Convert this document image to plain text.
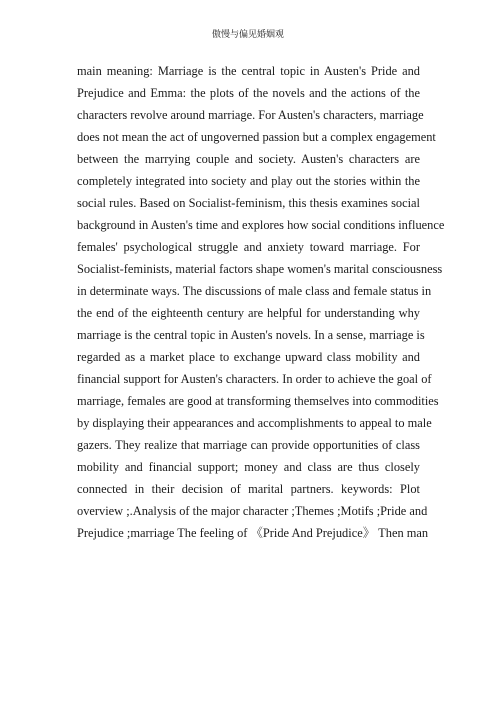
傲慢与偏见婚姻观
main meaning: Marriage is the central topic in Austen's Pride and
Prejudice and Emma: the plots of the novels and the actions of the
characters revolve around marriage. For Austen's characters, marriage
does not mean the act of ungoverned passion but a complex engagement
between the marrying couple and society. Austen's characters are
completely integrated into society and play out the stories within the
social rules. Based on Socialist-feminism, this thesis examines social
background in Austen's time and explores how social conditions influence
females' psychological struggle and anxiety toward marriage. For
Socialist-feminists, material factors shape women's marital consciousness
in determinate ways. The discussions of male class and female status in
the end of the eighteenth century are helpful for understanding why
marriage is the central topic in Austen's novels. In a sense, marriage is
regarded as a market place to exchange upward class mobility and
financial support for Austen's characters. In order to achieve the goal of
marriage, females are good at transforming themselves into commodities
by displaying their appearances and accomplishments to appeal to male
gazers. They realize that marriage can provide opportunities of class
mobility and financial support; money and class are thus closely
connected in their decision of marital partners. keywords: Plot
overview ;.Analysis of the major character ;Themes ;Motifs ;Pride and
Prejudice ;marriage The feeling of 《Pride And Prejudice》 Then man
